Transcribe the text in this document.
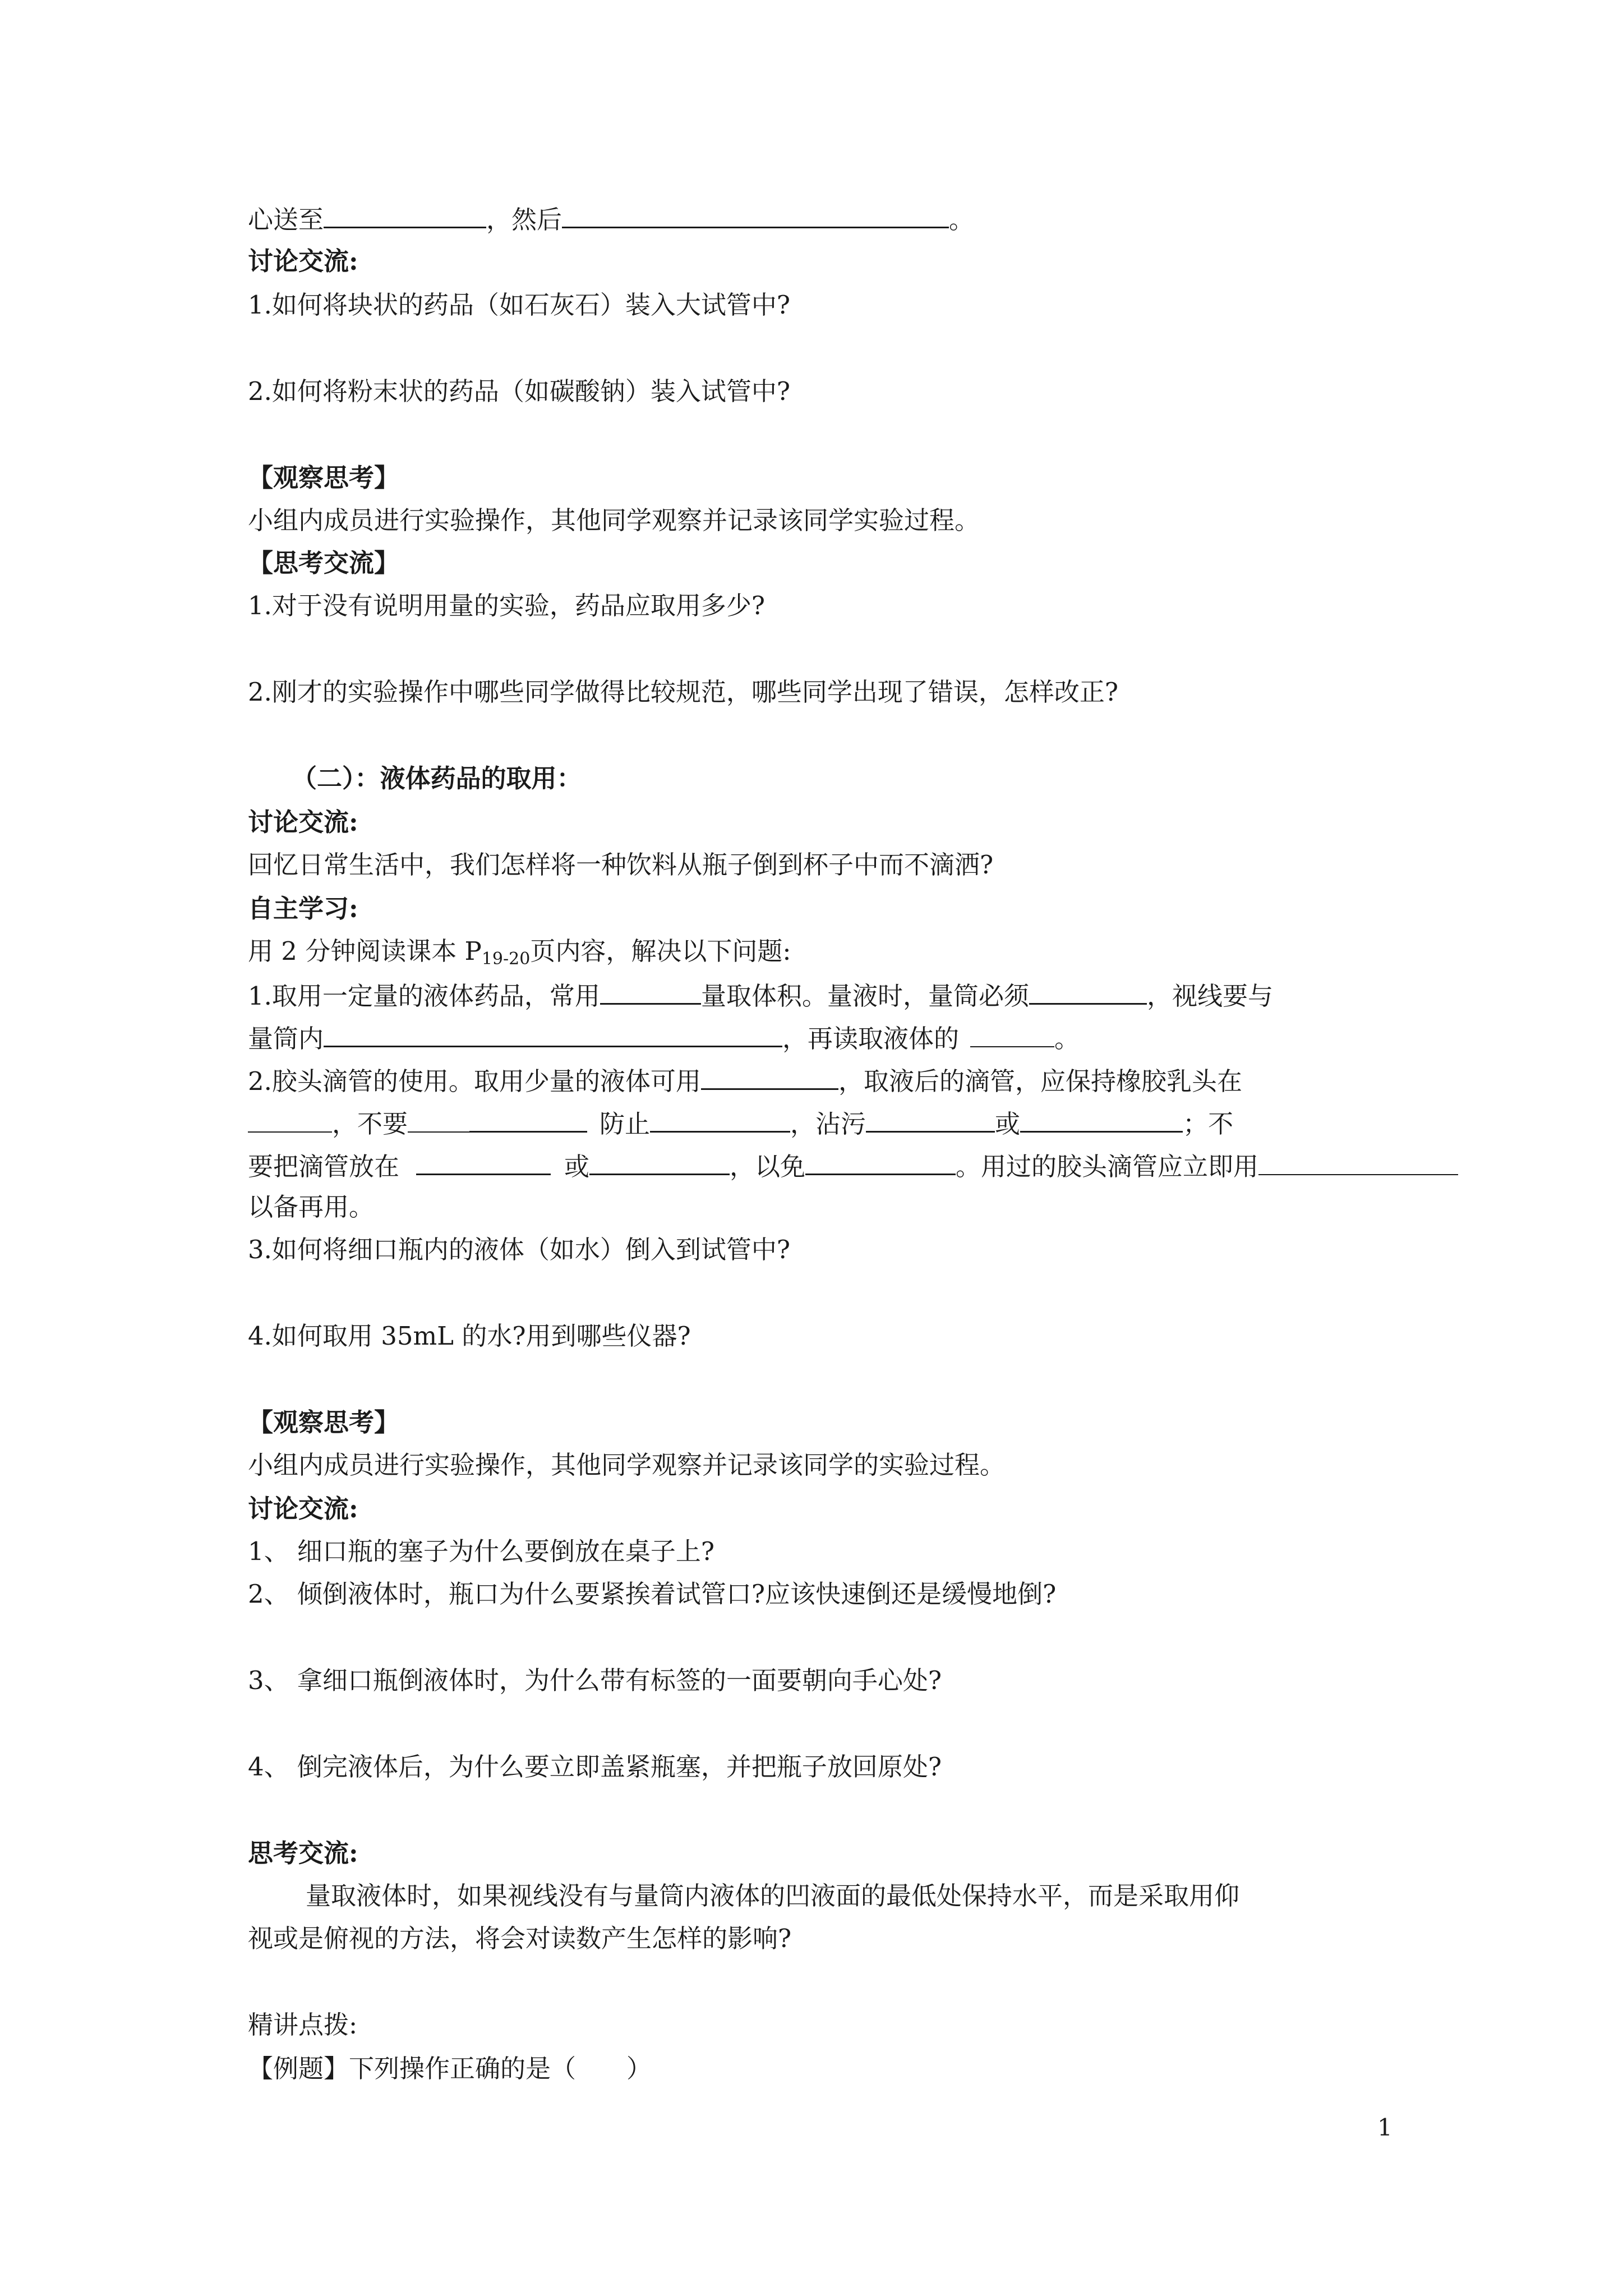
心送至	，然后	。
讨论交流:
1.如何将块状的药品（如石灰石）装入大试管中?
2.如何将粉末状的药品（如碳酸钠）装入试管中?
【观察思考】
小组内成员进行实验操作，其他同学观察并记录该同学实验过程。
【思考交流】
1.对于没有说明用量的实验，药品应取用多少?
2.刚才的实验操作中哪些同学做得比较规范，哪些同学出现了错误，怎样改正?
（二）：液体药品的取用：
讨论交流:
回忆日常生活中，我们怎样将一种饮料从瓶子倒到杯子中而不滴洒?
自主学习:
用 2 分钟阅读课本 $P_{19-20}$页内容，解决以下问题:
1.取用一定量的液体药品，常用	量取体积。量液时，量筒必须	，视线要与
量筒内	，再读取液体的	。
2.胶头滴管的使用。取用少量的液体可用	，取液后的滴管，应保持橡胶乳头在
，不要	防止	，沾污	或	；不
要把滴管放在	或	，以免	。用过的胶头滴管应立即用
以备再用。
3.如何将细口瓶内的液体（如水）倒入到试管中?
4.如何取用 35mL 的水?用到哪些仪器?
【观察思考】
小组内成员进行实验操作，其他同学观察并记录该同学的实验过程。
讨论交流:
1、 细口瓶的塞子为什么要倒放在桌子上?
2、 倾倒液体时，瓶口为什么要紧挨着试管口?应该快速倒还是缓慢地倒?
3、 拿细口瓶倒液体时，为什么带有标签的一面要朝向手心处?
4、 倒完液体后，为什么要立即盖紧瓶塞，并把瓶子放回原处?
思考交流:
量取液体时，如果视线没有与量筒内液体的凹液面的最低处保持水平，而是采取用仰
视或是俯视的方法，将会对读数产生怎样的影响?
精讲点拨:
【例题】下列操作正确的是（　　）
1
